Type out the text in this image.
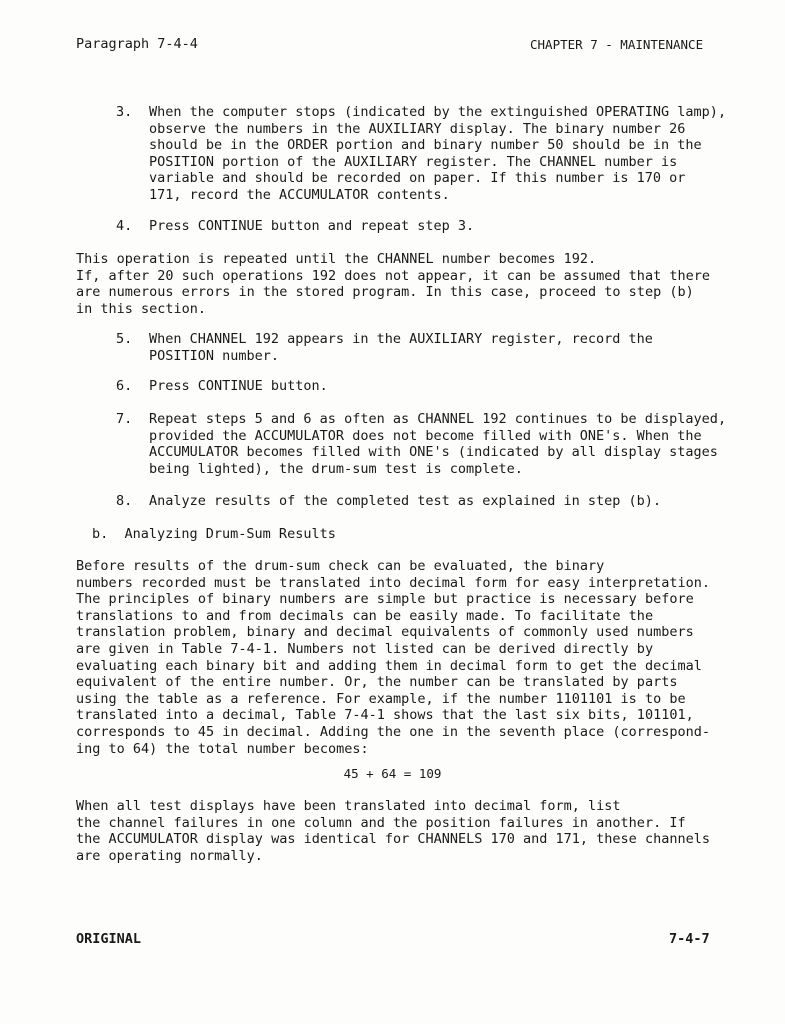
Paragraph 7-4-4	CHAPTER 7 - MAINTENANCE
3.	When the computer stops (indicated by the extinguished OPERATING lamp),
observe the numbers in the AUXILIARY display. The binary number 26
should be in the ORDER portion and binary number 50 should be in the
POSITION portion of the AUXILIARY register. The CHANNEL number is
variable and should be recorded on paper. If this number is 170 or
171, record the ACCUMULATOR contents.
4.	Press CONTINUE button and repeat step 3.
This operation is repeated until the CHANNEL number becomes 192.
If, after 20 such operations 192 does not appear, it can be assumed that there
are numerous errors in the stored program. In this case, proceed to step (b)
in this section.
5.	When CHANNEL 192 appears in the AUXILIARY register, record the
POSITION number.
6.	Press CONTINUE button.
7.	Repeat steps 5 and 6 as often as CHANNEL 192 continues to be displayed,
provided the ACCUMULATOR does not become filled with ONE's. When the
ACCUMULATOR becomes filled with ONE's (indicated by all display stages
being lighted), the drum-sum test is complete.
8.	Analyze results of the completed test as explained in step (b).
b.  Analyzing Drum-Sum Results
Before results of the drum-sum check can be evaluated, the binary
numbers recorded must be translated into decimal form for easy interpretation.
The principles of binary numbers are simple but practice is necessary before
translations to and from decimals can be easily made. To facilitate the
translation problem, binary and decimal equivalents of commonly used numbers
are given in Table 7-4-1. Numbers not listed can be derived directly by
evaluating each binary bit and adding them in decimal form to get the decimal
equivalent of the entire number. Or, the number can be translated by parts
using the table as a reference. For example, if the number 1101101 is to be
translated into a decimal, Table 7-4-1 shows that the last six bits, 101101,
corresponds to 45 in decimal. Adding the one in the seventh place (correspond-
ing to 64) the total number becomes:
45 + 64 = 109
When all test displays have been translated into decimal form, list
the channel failures in one column and the position failures in another. If
the ACCUMULATOR display was identical for CHANNELS 170 and 171, these channels
are operating normally.
ORIGINAL	7-4-7
